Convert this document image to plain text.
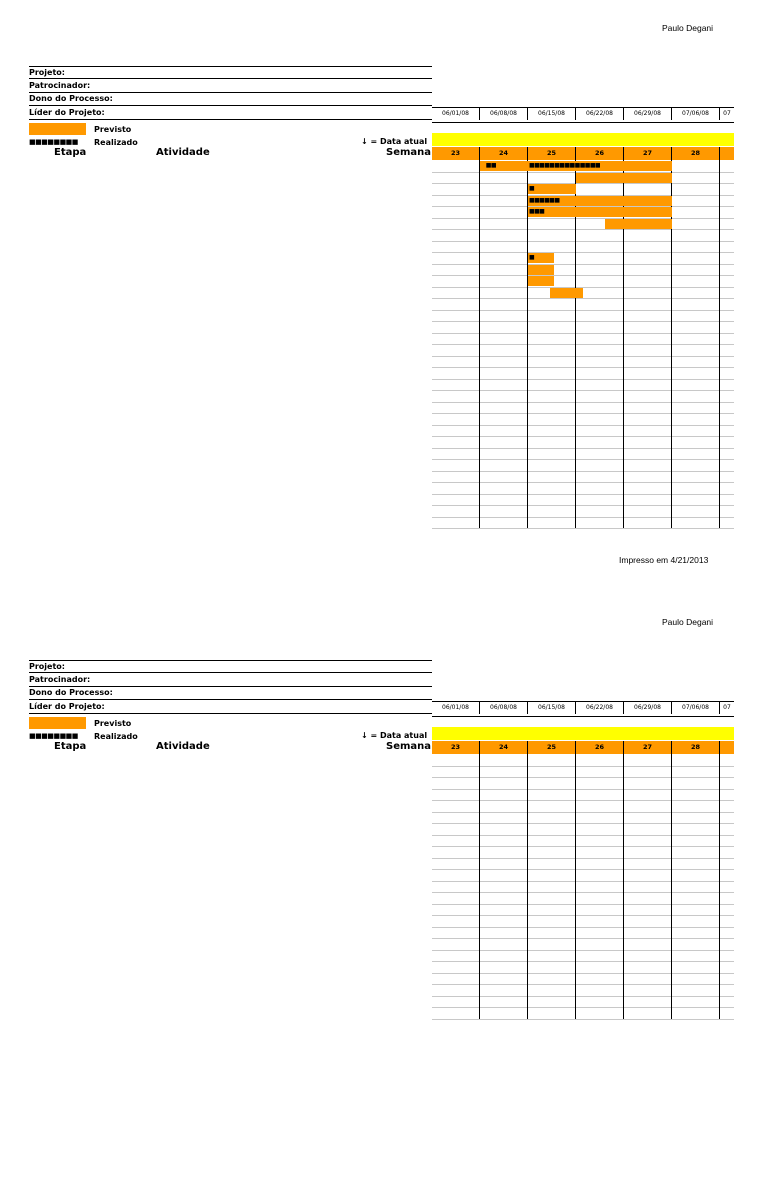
Paulo Degani
Projeto:
Patrocinador:
Dono do Processo:
Líder do Projeto:	06/01/08	06/08/08	06/15/08	06/22/08	06/29/08	07/06/08	07
Previsto
■■■■■■■■ Realizado	↓ = Data atual
Etapa	Atividade	Semana	23	24	25	26	27	28
■■	■■■■■■■■■■■■■■
■
■■■■■■
■■■
■
Impresso em 4/21/2013
Paulo Degani
Projeto:
Patrocinador:
Dono do Processo:
Líder do Projeto:	06/01/08	06/08/08	06/15/08	06/22/08	06/29/08	07/06/08	07
Previsto
■■■■■■■■ Realizado	↓ = Data atual
Etapa	Atividade	Semana	23	24	25	26	27	28
